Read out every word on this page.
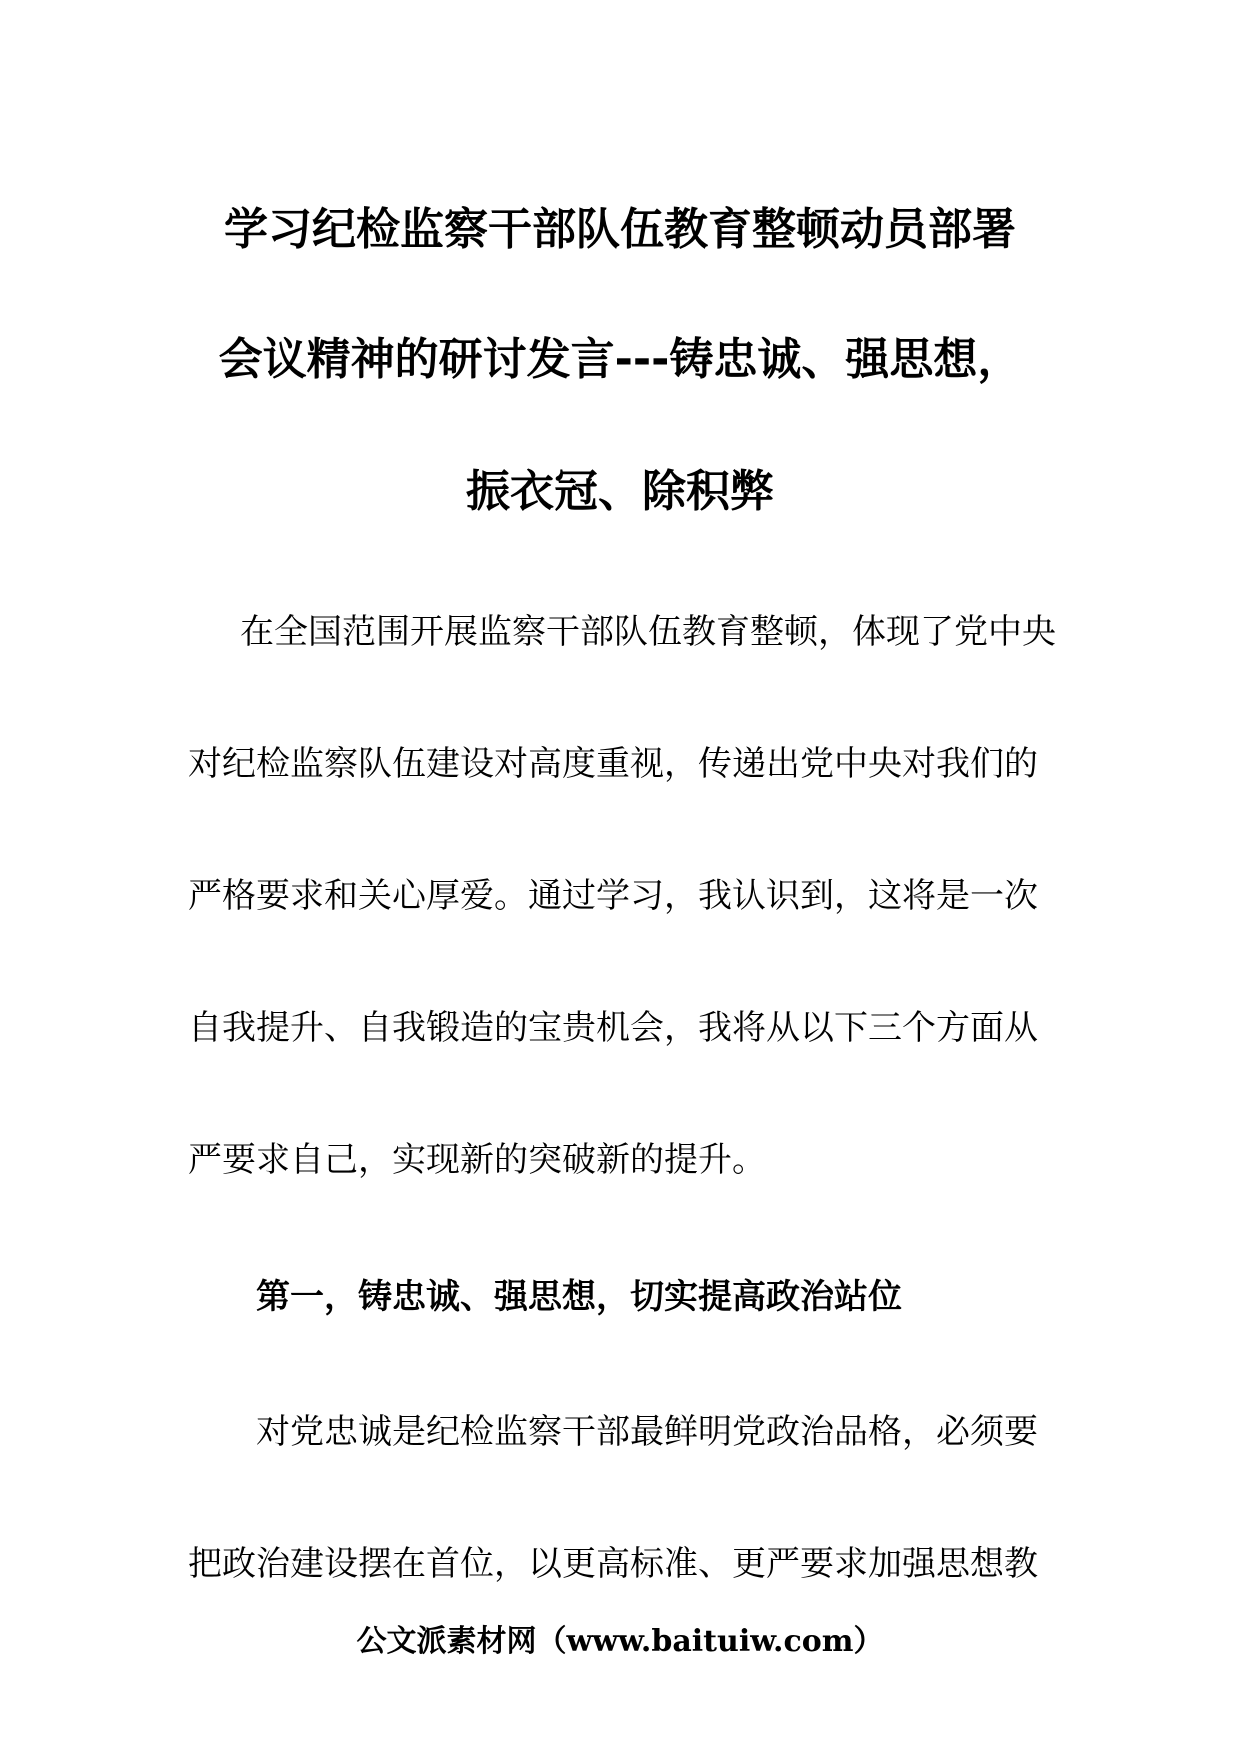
学习纪检监察干部队伍教育整顿动员部署
会议精神的研讨发言---铸忠诚、强思想，
振衣冠、除积弊
在全国范围开展监察干部队伍教育整顿，体现了党中央
对纪检监察队伍建设对高度重视，传递出党中央对我们的
严格要求和关心厚爱。通过学习，我认识到，这将是一次
自我提升、自我锻造的宝贵机会，我将从以下三个方面从
严要求自己，实现新的突破新的提升。
第一，铸忠诚、强思想，切实提高政治站位
对党忠诚是纪检监察干部最鲜明党政治品格，必须要
把政治建设摆在首位，以更高标准、更严要求加强思想教
公文派素材网（www.baituiw.com）
